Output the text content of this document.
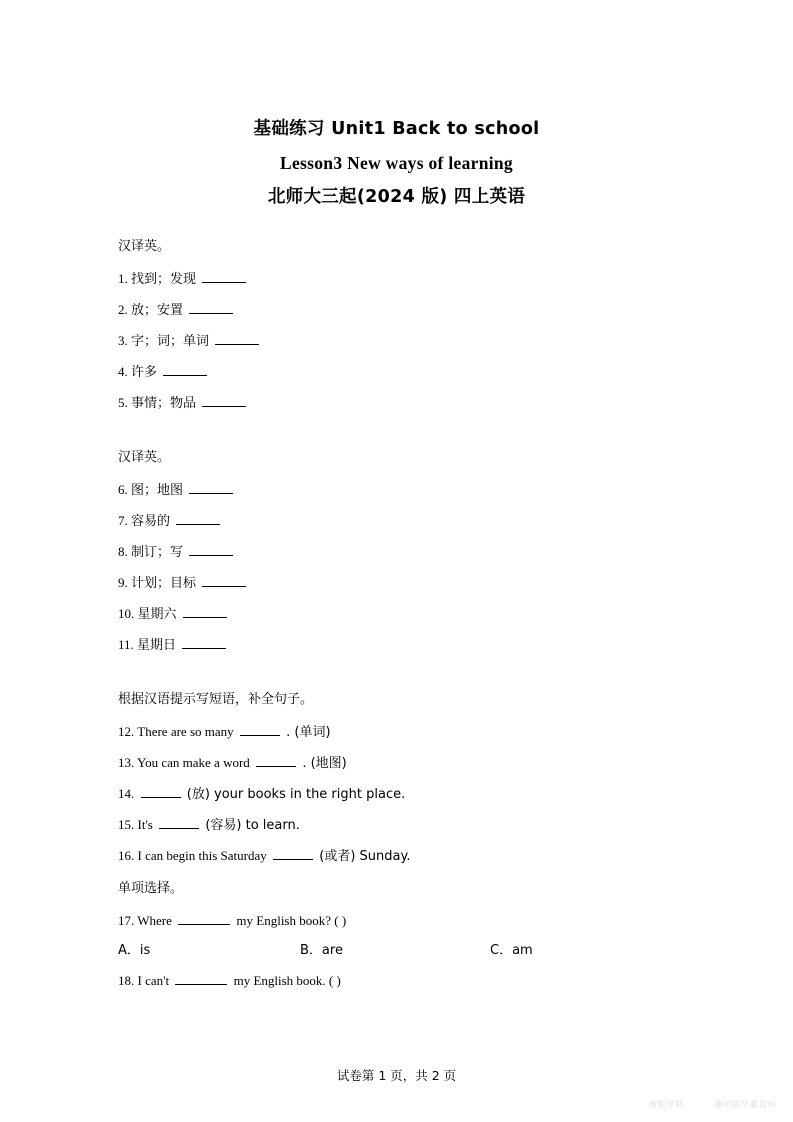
基础练习 Unit1 Back to school
Lesson3 New ways of learning
北师大三起(2024 版) 四上英语
汉译英。
1. 找到；发现
2. 放；安置
3. 字；词；单词
4. 许多
5. 事情；物品
汉译英。
6. 图；地图
7. 容易的
8. 制订；写
9. 计划；目标
10. 星期六
11. 星期日
根据汉语提示写短语，补全句子。
12. There are so many	. (单词)
13. You can make a word	. (地图)
14.	(放) your books in the right place.
15. It's	(容易) to learn.
16. I can begin this Saturday	(或者) Sunday.
单项选择。
17. Where	my English book? ( )
A．is	B．are	C．am
18. I can't	my English book. ( )
试卷第 1 页，共 2 页
湘版学科	湘川版学霸资料
